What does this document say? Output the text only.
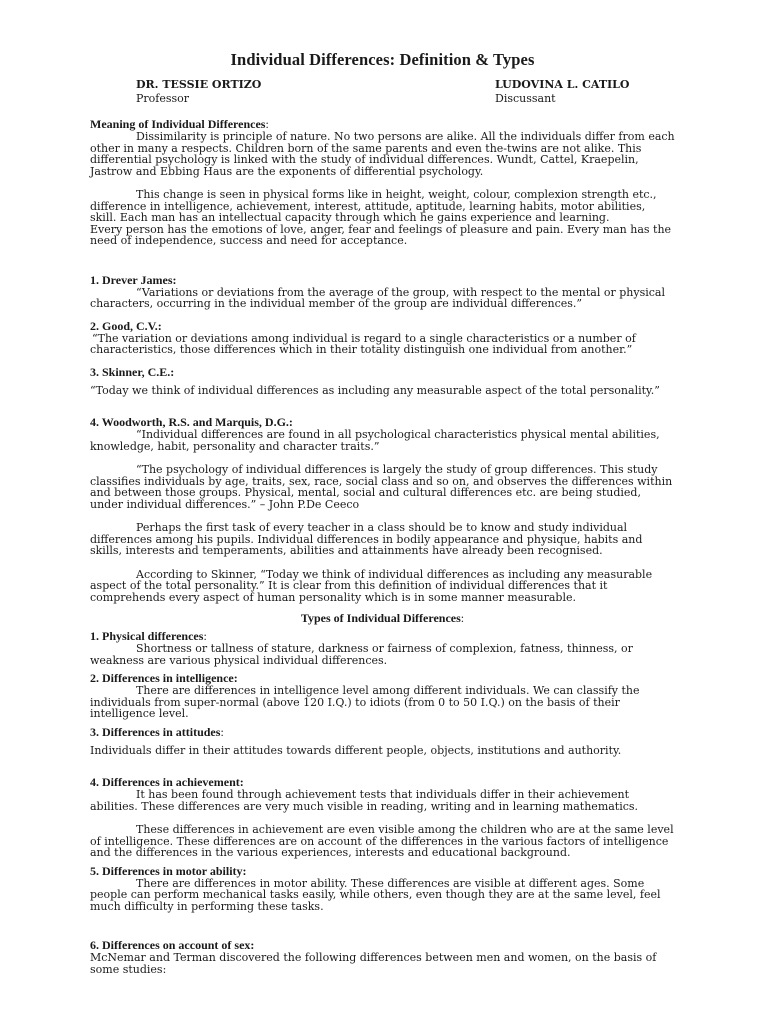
Individual Differences: Definition & Types
DR. TESSIE ORTIZO
Professor
LUDOVINA L. CATILO
Discussant
Meaning of Individual Differences:

Dissimilarity is principle of nature. No two persons are alike. All the individuals differ from each other in many a respects. Children born of the same parents and even the-twins are not alike. This differential psychology is linked with the study of individual differences. Wundt, Cattel, Kraepelin, Jastrow and Ebbing Haus are the exponents of differential psychology.

This change is seen in physical forms like in height, weight, colour, complexion strength etc., difference in intelligence, achievement, interest, attitude, aptitude, learning habits, motor abilities, skill. Each man has an intellectual capacity through which he gains experience and learning.

Every person has the emotions of love, anger, fear and feelings of pleasure and pain. Every man has the need of independence, success and need for acceptance.

1. Drever James:

“Variations or deviations from the average of the group, with respect to the mental or physical characters, occurring in the individual member of the group are individual differences.”

2. Good, C.V.:

“The variation or deviations among individual is regard to a single characteristics or a number of characteristics, those differences which in their totality distinguish one individual from another.”

3. Skinner, C.E.:

“Today we think of individual differences as including any measurable aspect of the total personality.”

4. Woodworth, R.S. and Marquis, D.G.:

“Individual differences are found in all psychological characteristics physical mental abilities, knowledge, habit, personality and character traits.”

“The psychology of individual differences is largely the study of group differences. This study classifies individuals by age, traits, sex, race, social class and so on, and observes the differences within and between those groups. Physical, mental, social and cultural differences etc. are being studied, under individual differences.” – John P.De Ceeco

Perhaps the first task of every teacher in a class should be to know and study individual differences among his pupils. Individual differences in bodily appearance and physique, habits and skills, interests and temperaments, abilities and attainments have already been recognised.

According to Skinner, “Today we think of individual differences as including any measurable aspect of the total personality.” It is clear from this definition of individual differences that it comprehends every aspect of human personality which is in some manner measurable.

Types of Individual Differences:
1. Physical differences:

Shortness or tallness of stature, darkness or fairness of complexion, fatness, thinness, or weakness are various physical individual differences.

2. Differences in intelligence:

There are differences in intelligence level among different individuals. We can classify the individuals from super-normal (above 120 I.Q.) to idiots (from 0 to 50 I.Q.) on the basis of their intelligence level.

3. Differences in attitudes:

Individuals differ in their attitudes towards different people, objects, institutions and authority.

4. Differences in achievement:

It has been found through achievement tests that individuals differ in their achievement abilities. These differences are very much visible in reading, writing and in learning mathematics.

These differences in achievement are even visible among the children who are at the same level of intelligence. These differences are on account of the differences in the various factors of intelligence and the differences in the various experiences, interests and educational background.

5. Differences in motor ability:

There are differences in motor ability. These differences are visible at different ages. Some people can perform mechanical tasks easily, while others, even though they are at the same level, feel much difficulty in performing these tasks.

6. Differences on account of sex:

McNemar and Terman discovered the following differences between men and women, on the basis of some studies:
